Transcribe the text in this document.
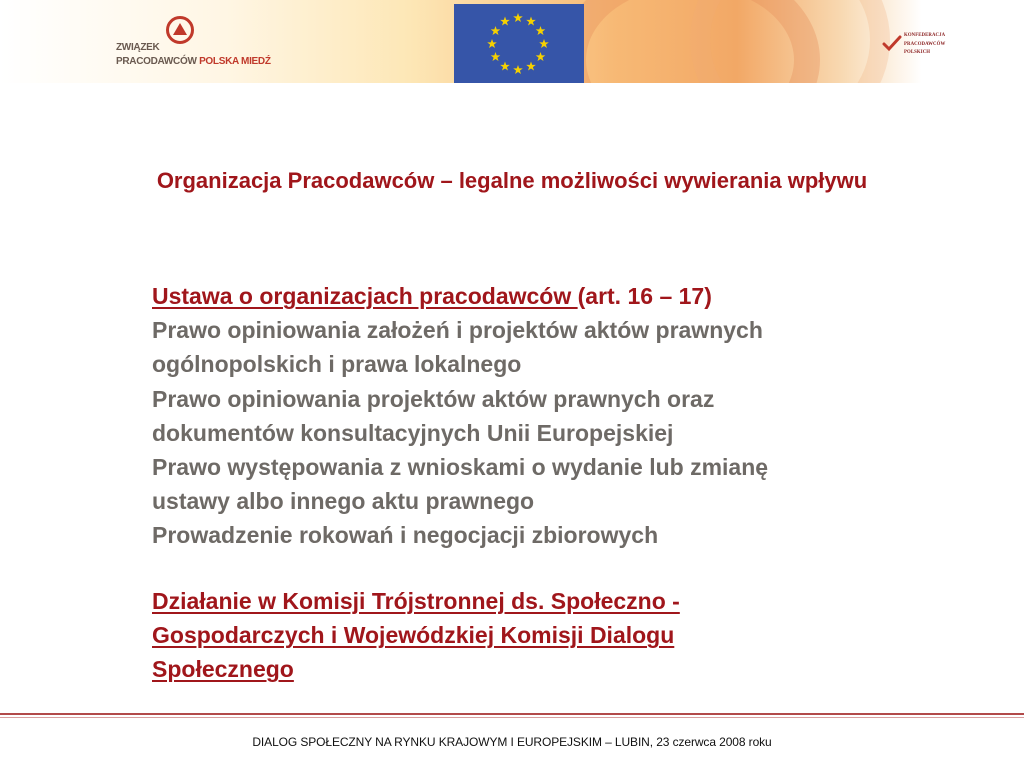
ZWIĄZEK
PRACODAWCÓW POLSKA MIEDŹ
KONFEDERACJA
PRACODAWCÓW
POLSKICH
Organizacja Pracodawców – legalne możliwości wywierania wpływu
Ustawa o organizacjach pracodawców (art. 16 – 17)
Prawo opiniowania założeń i projektów aktów prawnych
ogólnopolskich i prawa lokalnego
Prawo opiniowania projektów aktów prawnych oraz
dokumentów konsultacyjnych Unii Europejskiej
Prawo występowania z wnioskami o wydanie lub zmianę
ustawy albo innego aktu prawnego
Prowadzenie rokowań i negocjacji zbiorowych
Działanie w Komisji Trójstronnej ds. Społeczno -
Gospodarczych i Wojewódzkiej Komisji Dialogu
Społecznego
DIALOG SPOŁECZNY NA RYNKU KRAJOWYM I EUROPEJSKIM – LUBIN, 23 czerwca 2008 roku
